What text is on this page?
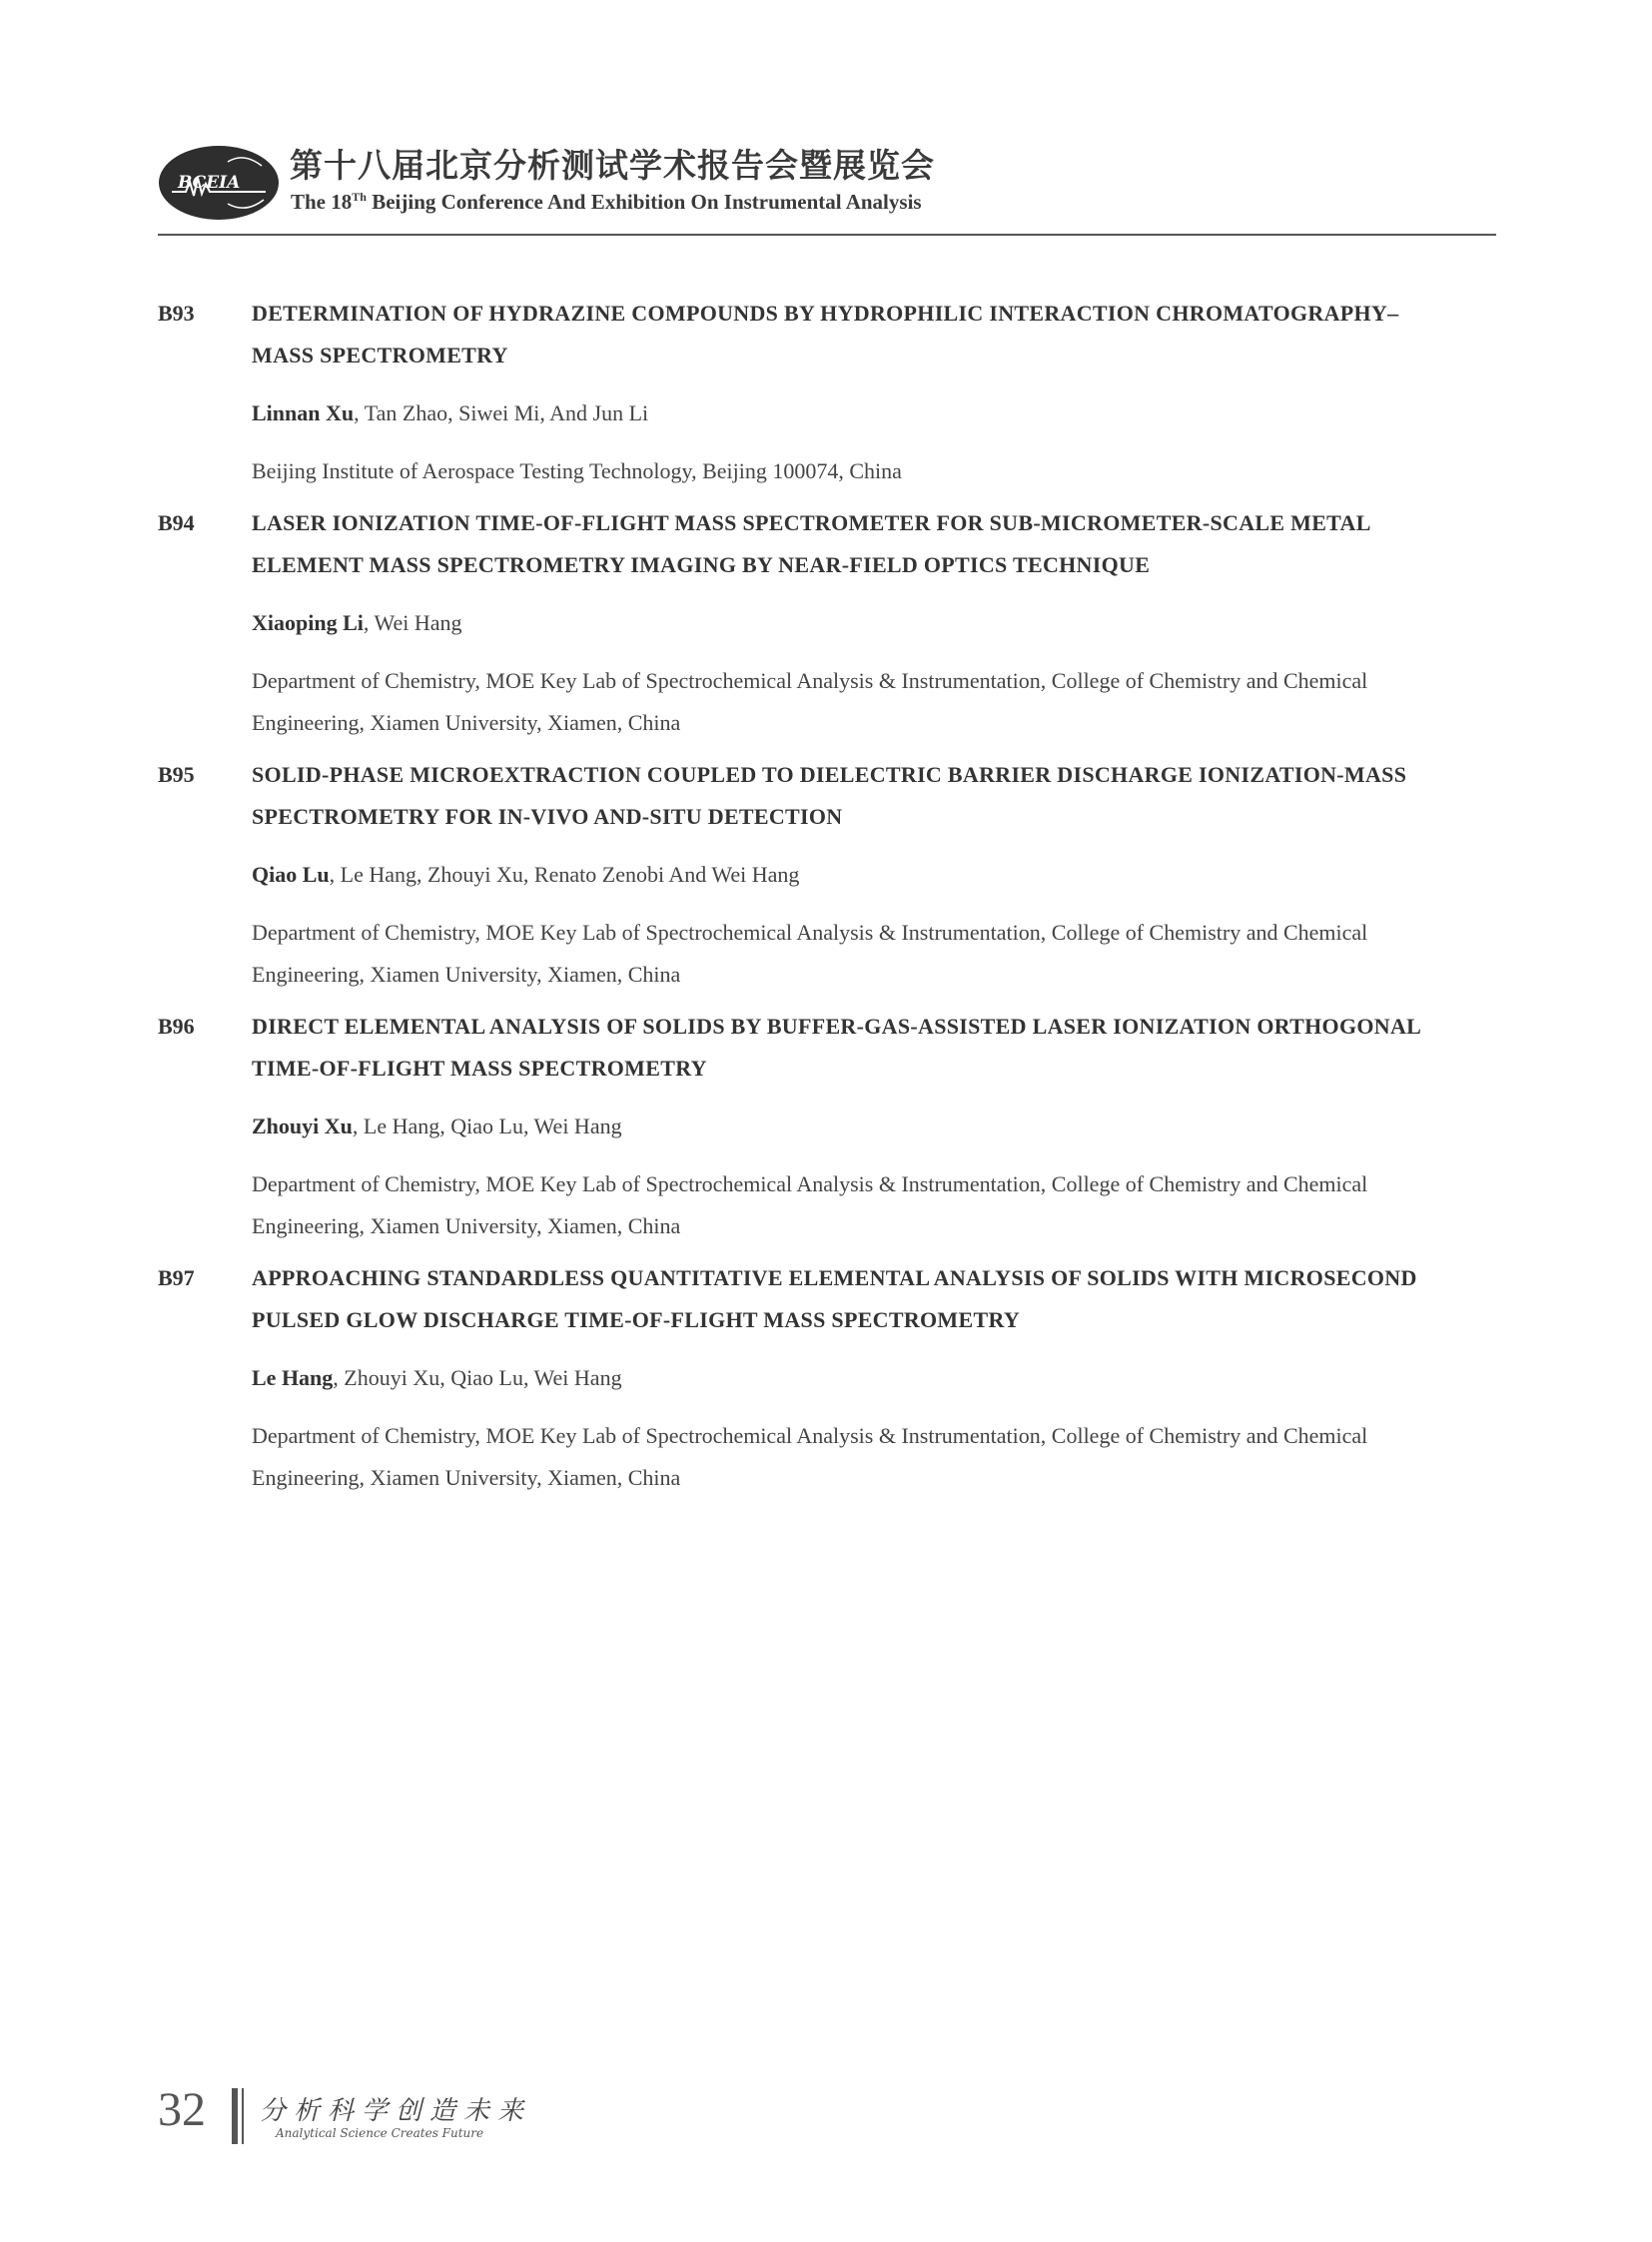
BCEIA 第十八届北京分析测试学术报告会暨展览会
The 18Th Beijing Conference And Exhibition On Instrumental Analysis
B93	DETERMINATION OF HYDRAZINE COMPOUNDS BY HYDROPHILIC INTERACTION CHROMATOGRAPHY–MASS SPECTROMETRY
Linnan Xu, Tan Zhao, Siwei Mi, And Jun Li
Beijing Institute of Aerospace Testing Technology, Beijing 100074, China
B94	LASER IONIZATION TIME-OF-FLIGHT MASS SPECTROMETER FOR SUB-MICROMETER-SCALE METAL ELEMENT MASS SPECTROMETRY IMAGING BY NEAR-FIELD OPTICS TECHNIQUE
Xiaoping Li, Wei Hang
Department of Chemistry, MOE Key Lab of Spectrochemical Analysis & Instrumentation, College of Chemistry and Chemical Engineering, Xiamen University, Xiamen, China
B95	SOLID-PHASE MICROEXTRACTION COUPLED TO DIELECTRIC BARRIER DISCHARGE IONIZATION-MASS SPECTROMETRY FOR IN-VIVO AND-SITU DETECTION
Qiao Lu, Le Hang, Zhouyi Xu, Renato Zenobi And Wei Hang
Department of Chemistry, MOE Key Lab of Spectrochemical Analysis & Instrumentation, College of Chemistry and Chemical Engineering, Xiamen University, Xiamen, China
B96	DIRECT ELEMENTAL ANALYSIS OF SOLIDS BY BUFFER-GAS-ASSISTED LASER IONIZATION ORTHOGONAL TIME-OF-FLIGHT MASS SPECTROMETRY
Zhouyi Xu, Le Hang, Qiao Lu, Wei Hang
Department of Chemistry, MOE Key Lab of Spectrochemical Analysis & Instrumentation, College of Chemistry and Chemical Engineering, Xiamen University, Xiamen, China
B97	APPROACHING STANDARDLESS QUANTITATIVE ELEMENTAL ANALYSIS OF SOLIDS WITH MICROSECOND PULSED GLOW DISCHARGE TIME-OF-FLIGHT MASS SPECTROMETRY
Le Hang, Zhouyi Xu, Qiao Lu, Wei Hang
Department of Chemistry, MOE Key Lab of Spectrochemical Analysis & Instrumentation, College of Chemistry and Chemical Engineering, Xiamen University, Xiamen, China
32 分析科学创造未来
Analytical Science Creates Future
